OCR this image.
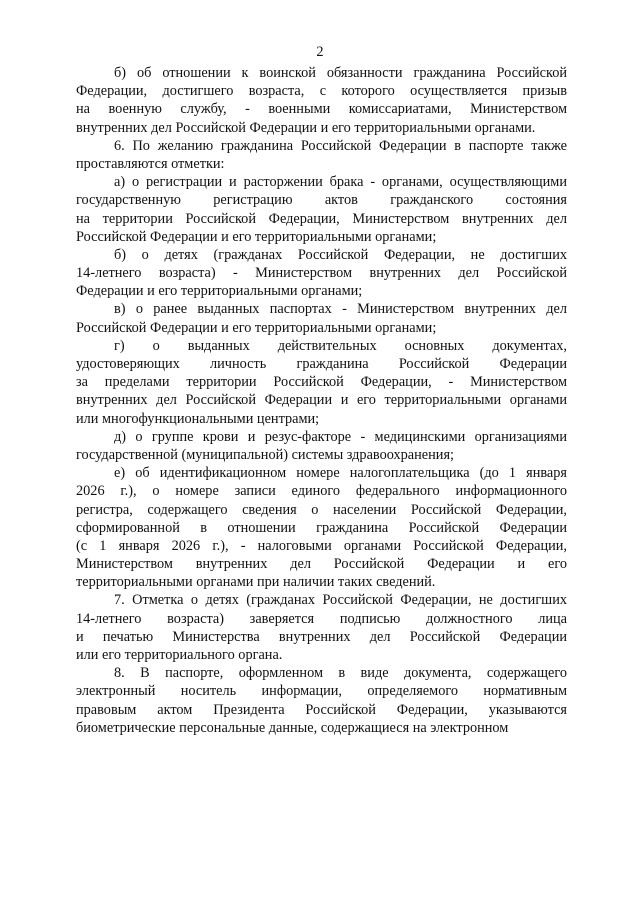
2
б) об отношении к воинской обязанности гражданина Российской
Федерации, достигшего возраста, с которого осуществляется призыв
на военную службу, - военными комиссариатами, Министерством
внутренних дел Российской Федерации и его территориальными органами.
6. По желанию гражданина Российской Федерации в паспорте также
проставляются отметки:
а) о регистрации и расторжении брака - органами, осуществляющими
государственную регистрацию актов гражданского состояния
на территории Российской Федерации, Министерством внутренних дел
Российской Федерации и его территориальными органами;
б) о детях (гражданах Российской Федерации, не достигших
14-летнего возраста) - Министерством внутренних дел Российской
Федерации и его территориальными органами;
в) о ранее выданных паспортах - Министерством внутренних дел
Российской Федерации и его территориальными органами;
г) о выданных действительных основных документах,
удостоверяющих личность гражданина Российской Федерации
за пределами территории Российской Федерации, - Министерством
внутренних дел Российской Федерации и его территориальными органами
или многофункциональными центрами;
д) о группе крови и резус-факторе - медицинскими организациями
государственной (муниципальной) системы здравоохранения;
е) об идентификационном номере налогоплательщика (до 1 января
2026 г.), о номере записи единого федерального информационного
регистра, содержащего сведения о населении Российской Федерации,
сформированной в отношении гражданина Российской Федерации
(с 1 января 2026 г.), - налоговыми органами Российской Федерации,
Министерством внутренних дел Российской Федерации и его
территориальными органами при наличии таких сведений.
7. Отметка о детях (гражданах Российской Федерации, не достигших
14-летнего возраста) заверяется подписью должностного лица
и печатью Министерства внутренних дел Российской Федерации
или его территориального органа.
8. В паспорте, оформленном в виде документа, содержащего
электронный носитель информации, определяемого нормативным
правовым актом Президента Российской Федерации, указываются
биометрические персональные данные, содержащиеся на электронном
